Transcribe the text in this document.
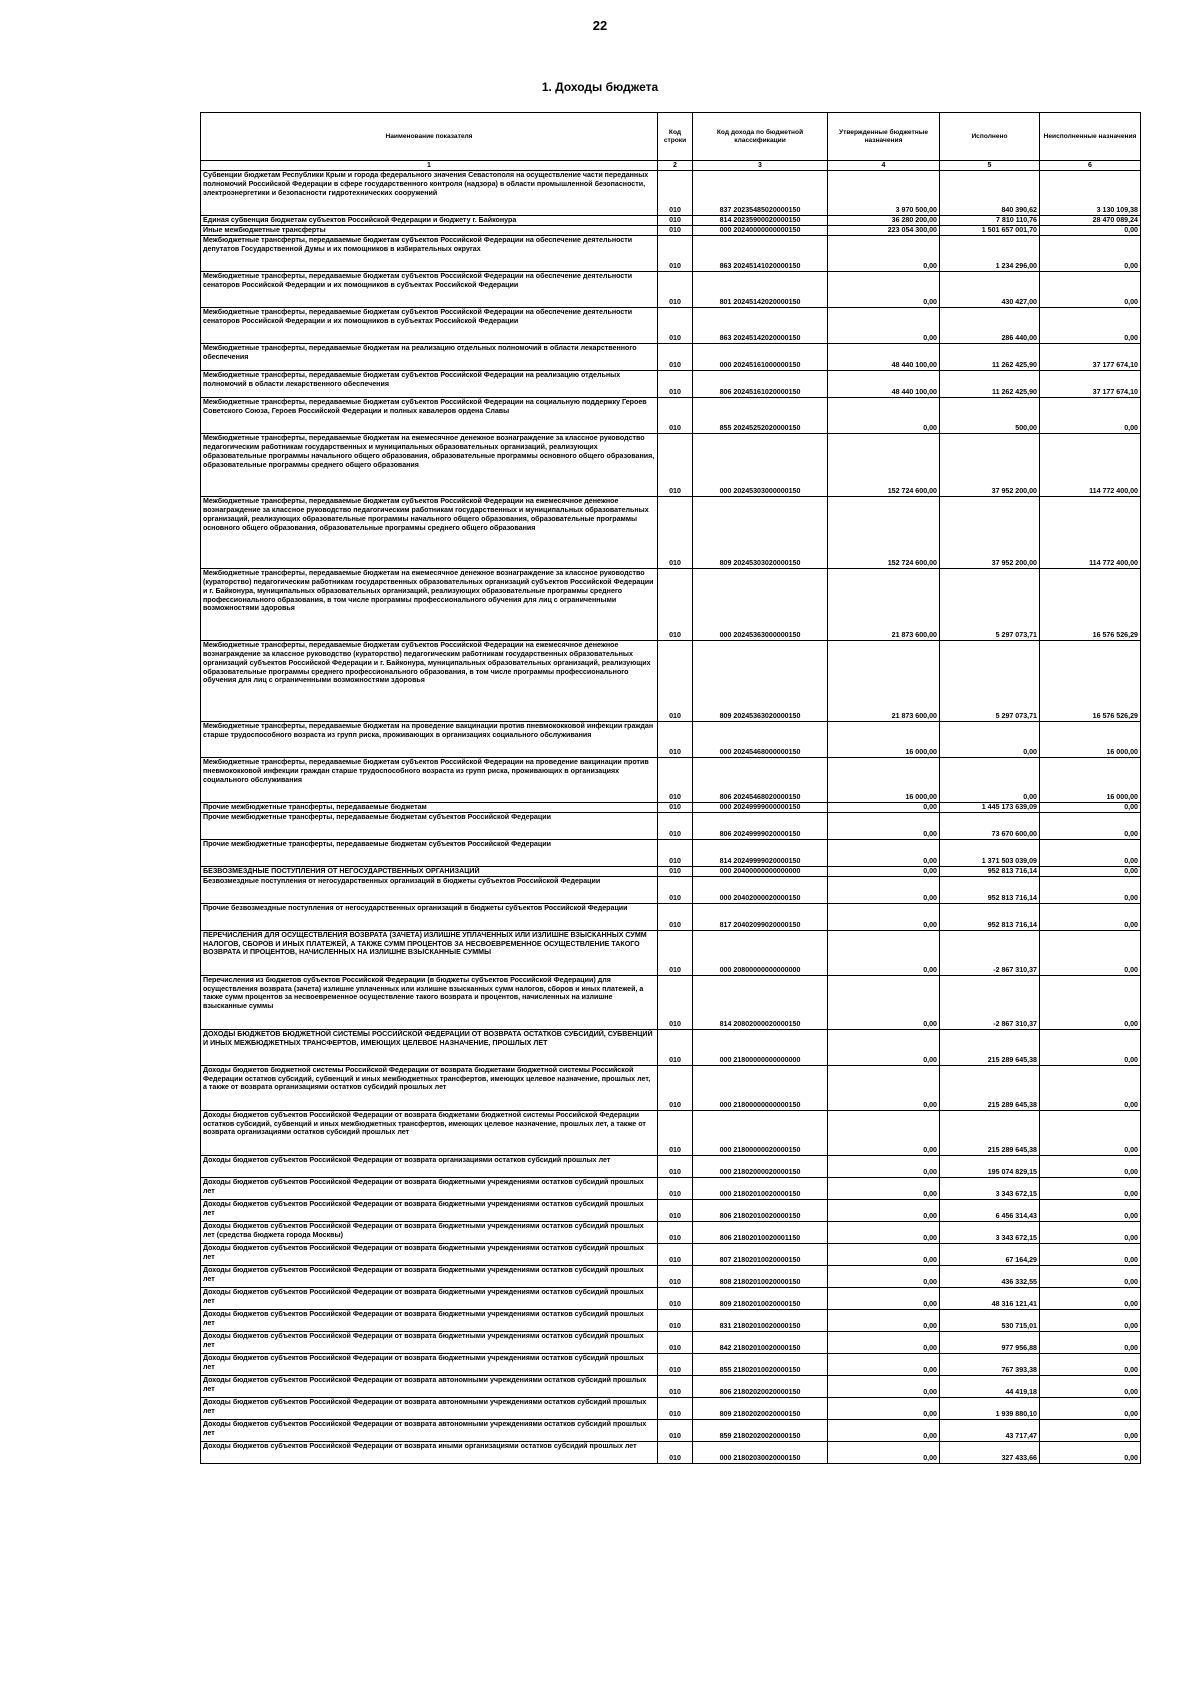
22
1. Доходы бюджета
Наименование показателя	Код строки	Код дохода по бюджетной классификации	Утвержденные бюджетные назначения	Исполнено	Неисполненные назначения
1	2	3	4	5	6
Субвенции бюджетам Республики Крым и города федерального значения Севастополя на осуществление части переданных полномочий Российской Федерации в сфере государственного контроля (надзора) в области промышленной безопасности, электроэнергетики и безопасности гидротехнических сооружений	010	837 20235485020000150	3 970 500,00	840 390,62	3 130 109,38
Единая субвенция бюджетам субъектов Российской Федерации и бюджету г. Байконура	010	814 20235900020000150	36 280 200,00	7 810 110,76	28 470 089,24
Иные межбюджетные трансферты	010	000 20240000000000150	223 054 300,00	1 501 657 001,70	0,00
Межбюджетные трансферты, передаваемые бюджетам субъектов Российской Федерации на обеспечение деятельности депутатов Государственной Думы и их помощников в избирательных округах	010	863 20245141020000150	0,00	1 234 296,00	0,00
Межбюджетные трансферты, передаваемые бюджетам субъектов Российской Федерации на обеспечение деятельности сенаторов Российской Федерации и их помощников в субъектах Российской Федерации	010	801 20245142020000150	0,00	430 427,00	0,00
Межбюджетные трансферты, передаваемые бюджетам субъектов Российской Федерации на обеспечение деятельности сенаторов Российской Федерации и их помощников в субъектах Российской Федерации	010	863 20245142020000150	0,00	286 440,00	0,00
Межбюджетные трансферты, передаваемые бюджетам на реализацию отдельных полномочий в области лекарственного обеспечения	010	000 20245161000000150	48 440 100,00	11 262 425,90	37 177 674,10
Межбюджетные трансферты, передаваемые бюджетам субъектов Российской Федерации на реализацию отдельных полномочий в области лекарственного обеспечения	010	806 20245161020000150	48 440 100,00	11 262 425,90	37 177 674,10
Межбюджетные трансферты, передаваемые бюджетам субъектов Российской Федерации на социальную поддержку Героев Советского Союза, Героев Российской Федерации и полных кавалеров ордена Славы	010	855 20245252020000150	0,00	500,00	0,00
Межбюджетные трансферты, передаваемые бюджетам на ежемесячное денежное вознаграждение за классное руководство педагогическим работникам государственных и муниципальных образовательных организаций, реализующих образовательные программы начального общего образования, образовательные программы основного общего образования, образовательные программы среднего общего образования	010	000 20245303000000150	152 724 600,00	37 952 200,00	114 772 400,00
Межбюджетные трансферты, передаваемые бюджетам субъектов Российской Федерации на ежемесячное денежное вознаграждение за классное руководство педагогическим работникам государственных и муниципальных образовательных организаций, реализующих образовательные программы начального общего образования, образовательные программы основного общего образования, образовательные программы среднего общего образования	010	809 20245303020000150	152 724 600,00	37 952 200,00	114 772 400,00
Межбюджетные трансферты, передаваемые бюджетам на ежемесячное денежное вознаграждение за классное руководство (кураторство) педагогическим работникам государственных образовательных организаций субъектов Российской Федерации и г. Байконура, муниципальных образовательных организаций, реализующих образовательные программы среднего профессионального образования, в том числе программы профессионального обучения для лиц с ограниченными возможностями здоровья	010	000 20245363000000150	21 873 600,00	5 297 073,71	16 576 526,29
Межбюджетные трансферты, передаваемые бюджетам субъектов Российской Федерации на ежемесячное денежное вознаграждение за классное руководство (кураторство) педагогическим работникам государственных образовательных организаций субъектов Российской Федерации и г. Байконура, муниципальных образовательных организаций, реализующих образовательные программы среднего профессионального образования, в том числе программы профессионального обучения для лиц с ограниченными возможностями здоровья	010	809 20245363020000150	21 873 600,00	5 297 073,71	16 576 526,29
Межбюджетные трансферты, передаваемые бюджетам на проведение вакцинации против пневмококковой инфекции граждан старше трудоспособного возраста из групп риска, проживающих в организациях социального обслуживания	010	000 20245468000000150	16 000,00	0,00	16 000,00
Межбюджетные трансферты, передаваемые бюджетам субъектов Российской Федерации на проведение вакцинации против пневмококковой инфекции граждан старше трудоспособного возраста из групп риска, проживающих в организациях социального обслуживания	010	806 20245468020000150	16 000,00	0,00	16 000,00
Прочие межбюджетные трансферты, передаваемые бюджетам	010	000 20249999000000150	0,00	1 445 173 639,09	0,00
Прочие межбюджетные трансферты, передаваемые бюджетам субъектов Российской Федерации	010	806 20249999020000150	0,00	73 670 600,00	0,00
Прочие межбюджетные трансферты, передаваемые бюджетам субъектов Российской Федерации	010	814 20249999020000150	0,00	1 371 503 039,09	0,00
БЕЗВОЗМЕЗДНЫЕ ПОСТУПЛЕНИЯ ОТ НЕГОСУДАРСТВЕННЫХ ОРГАНИЗАЦИЙ	010	000 20400000000000000	0,00	952 813 716,14	0,00
Безвозмездные поступления от негосударственных организаций в бюджеты субъектов Российской Федерации	010	000 20402000020000150	0,00	952 813 716,14	0,00
Прочие безвозмездные поступления от негосударственных организаций в бюджеты субъектов Российской Федерации	010	817 20402099020000150	0,00	952 813 716,14	0,00
ПЕРЕЧИСЛЕНИЯ ДЛЯ ОСУЩЕСТВЛЕНИЯ ВОЗВРАТА (ЗАЧЕТА) ИЗЛИШНЕ УПЛАЧЕННЫХ ИЛИ ИЗЛИШНЕ ВЗЫСКАННЫХ СУММ НАЛОГОВ, СБОРОВ И ИНЫХ ПЛАТЕЖЕЙ, А ТАКЖЕ СУММ ПРОЦЕНТОВ ЗА НЕСВОЕВРЕМЕННОЕ ОСУЩЕСТВЛЕНИЕ ТАКОГО ВОЗВРАТА И ПРОЦЕНТОВ, НАЧИСЛЕННЫХ НА ИЗЛИШНЕ ВЗЫСКАННЫЕ СУММЫ	010	000 20800000000000000	0,00	-2 867 310,37	0,00
Перечисления из бюджетов субъектов Российской Федерации (в бюджеты субъектов Российской Федерации) для осуществления возврата (зачета) излишне уплаченных или излишне взысканных сумм налогов, сборов и иных платежей, а также сумм процентов за несвоевременное осуществление такого возврата и процентов, начисленных на излишне взысканные суммы	010	814 20802000020000150	0,00	-2 867 310,37	0,00
ДОХОДЫ БЮДЖЕТОВ БЮДЖЕТНОЙ СИСТЕМЫ РОССИЙСКОЙ ФЕДЕРАЦИИ ОТ ВОЗВРАТА ОСТАТКОВ СУБСИДИЙ, СУБВЕНЦИЙ И ИНЫХ МЕЖБЮДЖЕТНЫХ ТРАНСФЕРТОВ, ИМЕЮЩИХ ЦЕЛЕВОЕ НАЗНАЧЕНИЕ, ПРОШЛЫХ ЛЕТ	010	000 21800000000000000	0,00	215 289 645,38	0,00
Доходы бюджетов бюджетной системы Российской Федерации от возврата бюджетами бюджетной системы Российской Федерации остатков субсидий, субвенций и иных межбюджетных трансфертов, имеющих целевое назначение, прошлых лет, а также от возврата организациями остатков субсидий прошлых лет	010	000 21800000000000150	0,00	215 289 645,38	0,00
Доходы бюджетов субъектов Российской Федерации от возврата бюджетами бюджетной системы Российской Федерации остатков субсидий, субвенций и иных межбюджетных трансфертов, имеющих целевое назначение, прошлых лет, а также от возврата организациями остатков субсидий прошлых лет	010	000 21800000020000150	0,00	215 289 645,38	0,00
Доходы бюджетов субъектов Российской Федерации от возврата организациями остатков субсидий прошлых лет	010	000 21802000020000150	0,00	195 074 829,15	0,00
Доходы бюджетов субъектов Российской Федерации от возврата бюджетными учреждениями остатков субсидий прошлых лет	010	000 21802010020000150	0,00	3 343 672,15	0,00
Доходы бюджетов субъектов Российской Федерации от возврата бюджетными учреждениями остатков субсидий прошлых лет	010	806 21802010020000150	0,00	6 456 314,43	0,00
Доходы бюджетов субъектов Российской Федерации от возврата бюджетными учреждениями остатков субсидий прошлых лет (средства бюджета города Москвы)	010	806 21802010020001150	0,00	3 343 672,15	0,00
Доходы бюджетов субъектов Российской Федерации от возврата бюджетными учреждениями остатков субсидий прошлых лет	010	807 21802010020000150	0,00	67 164,29	0,00
Доходы бюджетов субъектов Российской Федерации от возврата бюджетными учреждениями остатков субсидий прошлых лет	010	808 21802010020000150	0,00	436 332,55	0,00
Доходы бюджетов субъектов Российской Федерации от возврата бюджетными учреждениями остатков субсидий прошлых лет	010	809 21802010020000150	0,00	48 316 121,41	0,00
Доходы бюджетов субъектов Российской Федерации от возврата бюджетными учреждениями остатков субсидий прошлых лет	010	831 21802010020000150	0,00	530 715,01	0,00
Доходы бюджетов субъектов Российской Федерации от возврата бюджетными учреждениями остатков субсидий прошлых лет	010	842 21802010020000150	0,00	977 956,88	0,00
Доходы бюджетов субъектов Российской Федерации от возврата бюджетными учреждениями остатков субсидий прошлых лет	010	855 21802010020000150	0,00	767 393,38	0,00
Доходы бюджетов субъектов Российской Федерации от возврата автономными учреждениями остатков субсидий прошлых лет	010	806 21802020020000150	0,00	44 419,18	0,00
Доходы бюджетов субъектов Российской Федерации от возврата автономными учреждениями остатков субсидий прошлых лет	010	809 21802020020000150	0,00	1 939 880,10	0,00
Доходы бюджетов субъектов Российской Федерации от возврата автономными учреждениями остатков субсидий прошлых лет	010	859 21802020020000150	0,00	43 717,47	0,00
Доходы бюджетов субъектов Российской Федерации от возврата иными организациями остатков субсидий прошлых лет	010	000 21802030020000150	0,00	327 433,66	0,00
